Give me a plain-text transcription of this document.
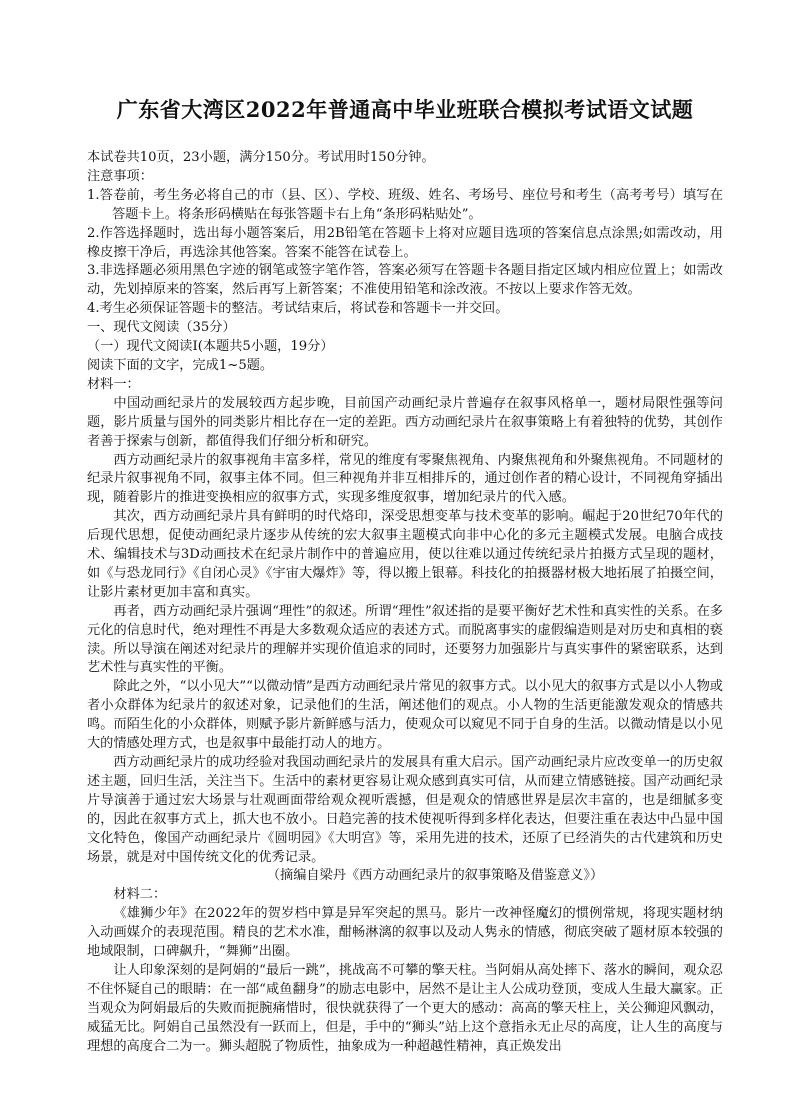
广东省大湾区2022年普通高中毕业班联合模拟考试语文试题
本试卷共10页，23小题，满分150分。考试用时150分钟。
注意事项：
1.答卷前，考生务必将自己的市（县、区）、学校、班级、姓名、考场号、座位号和考生（高考考号）填写在答题卡上。将条形码横贴在每张答题卡右上角“条形码粘贴处”。
2.作答选择题时，选出每小题答案后，用2B铅笔在答题卡上将对应题目选项的答案信息点涂黑;如需改动，用橡皮擦干净后，再选涂其他答案。答案不能答在试卷上。
3.非选择题必须用黑色字迹的钢笔或签字笔作答，答案必须写在答题卡各题目指定区域内相应位置上；如需改动，先划掉原来的答案，然后再写上新答案；不准使用铅笔和涂改液。不按以上要求作答无效。
4.考生必须保证答题卡的整洁。考试结束后，将试卷和答题卡一并交回。
一、现代文阅读（35分）
（一）现代文阅读Ⅰ(本题共5小题，19分）
阅读下面的文字，完成1~5题。
材料一：
中国动画纪录片的发展较西方起步晚，目前国产动画纪录片普遍存在叙事风格单一，题材局限性强等问题，影片质量与国外的同类影片相比存在一定的差距。西方动画纪录片在叙事策略上有着独特的优势，其创作者善于探索与创新，都值得我们仔细分析和研究。
西方动画纪录片的叙事视角丰富多样，常见的维度有零聚焦视角、内聚焦视角和外聚焦视角。不同题材的纪录片叙事视角不同，叙事主体不同。但三种视角并非互相排斥的，通过创作者的精心设计，不同视角穿插出现，随着影片的推进变换相应的叙事方式，实现多维度叙事，增加纪录片的代入感。
其次，西方动画纪录片具有鲜明的时代烙印，深受思想变革与技术变革的影响。崛起于20世纪70年代的后现代思想，促使动画纪录片逐步从传统的宏大叙事主题模式向非中心化的多元主题模式发展。电脑合成技术、编辑技术与3D动画技术在纪录片制作中的普遍应用，使以往难以通过传统纪录片拍摄方式呈现的题材，如《与恐龙同行》《自闭心灵》《宇宙大爆炸》等，得以搬上银幕。科技化的拍摄器材极大地拓展了拍摄空间，让影片素材更加丰富和真实。
再者，西方动画纪录片强调“理性”的叙述。所谓“理性”叙述指的是要平衡好艺术性和真实性的关系。在多元化的信息时代，绝对理性不再是大多数观众适应的表述方式。而脱离事实的虚假编造则是对历史和真相的亵渎。所以导演在阐述对纪录片的理解并实现价值追求的同时，还要努力加强影片与真实事件的紧密联系，达到艺术性与真实性的平衡。
除此之外，“以小见大”“以微动情”是西方动画纪录片常见的叙事方式。以小见大的叙事方式是以小人物或者小众群体为纪录片的叙述对象，记录他们的生活，阐述他们的观点。小人物的生活更能激发观众的情感共鸣。而陌生化的小众群体，则赋予影片新鲜感与活力，使观众可以窥见不同于自身的生活。以微动情是以小见大的情感处理方式，也是叙事中最能打动人的地方。
西方动画纪录片的成功经验对我国动画纪录片的发展具有重大启示。国产动画纪录片应改变单一的历史叙述主题，回归生活，关注当下。生活中的素材更容易让观众感到真实可信，从而建立情感链接。国产动画纪录片导演善于通过宏大场景与壮观画面带给观众视听震撼，但是观众的情感世界是层次丰富的，也是细腻多变的，因此在叙事方式上，抓大也不放小。日趋完善的技术使视听得到多样化表达，但要注重在表达中凸显中国文化特色，像国产动画纪录片《圆明园》《大明宫》等，采用先进的技术，还原了已经消失的古代建筑和历史场景，就是对中国传统文化的优秀记录。
（摘编自梁丹《西方动画纪录片的叙事策略及借鉴意义》）
材料二：
《雄狮少年》在2022年的贺岁档中算是异军突起的黑马。影片一改神怪魔幻的惯例常规，将现实题材纳入动画媒介的表现范围。精良的艺术水准，酣畅淋漓的叙事以及动人隽永的情感，彻底突破了题材原本较强的地域限制，口碑飙升，“舞狮”出圈。
让人印象深刻的是阿娟的“最后一跳”，挑战高不可攀的擎天柱。当阿娟从高处摔下、落水的瞬间，观众忍不住怀疑自己的眼睛：在一部“咸鱼翻身”的励志电影中，居然不是让主人公成功登顶，变成人生最大赢家。正当观众为阿娟最后的失败而扼腕痛惜时，很快就获得了一个更大的感动：高高的擎天柱上，关公狮迎风飘动，威猛无比。阿娟自己虽然没有一跃而上，但是，手中的“狮头”站上这个意指永无止尽的高度，让人生的高度与理想的高度合二为一。狮头超脱了物质性，抽象成为一种超越性精神，真正焕发出
